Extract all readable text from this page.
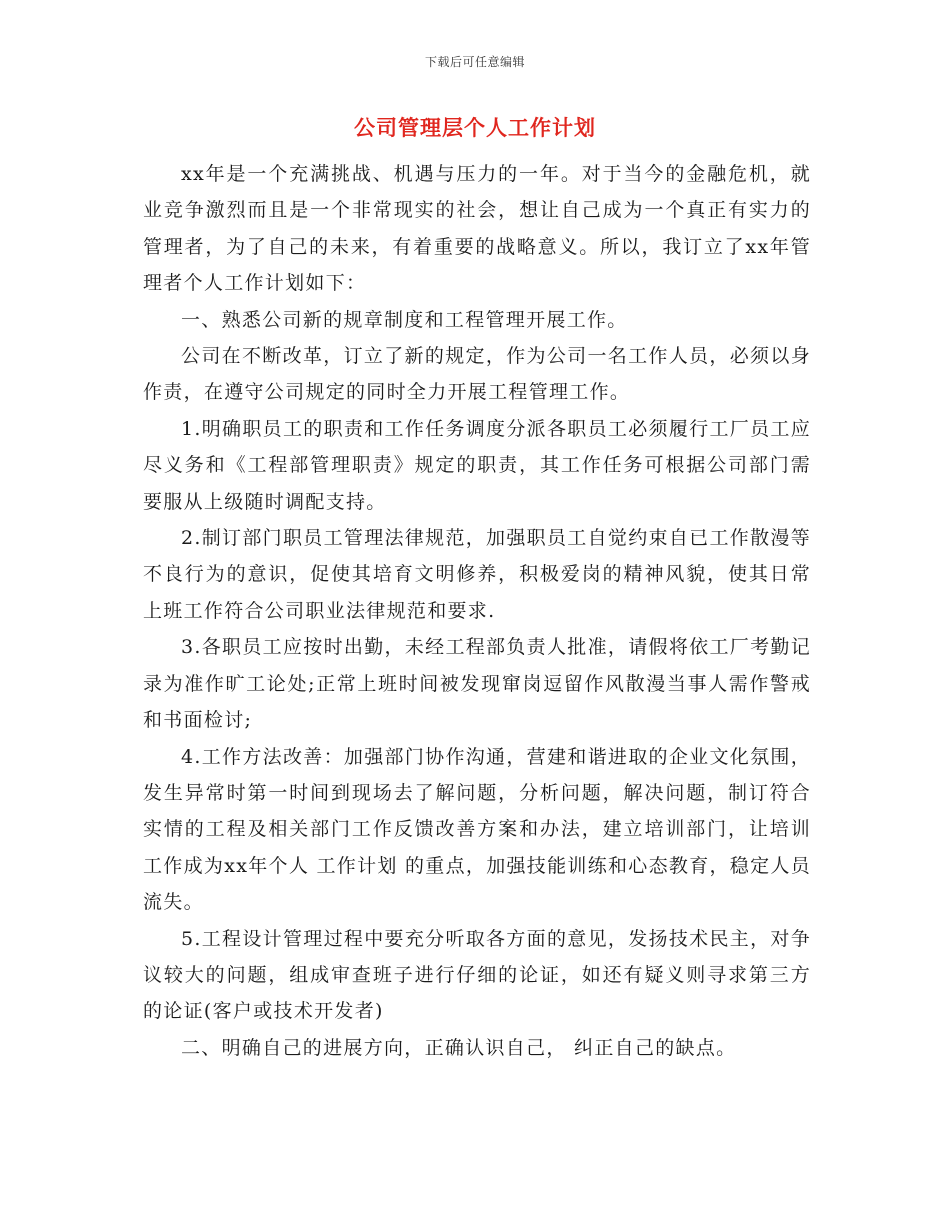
下载后可任意编辑
公司管理层个人工作计划

xx年是一个充满挑战、机遇与压力的一年。对于当今的金融危机，就业竞争激烈而且是一个非常现实的社会，想让自己成为一个真正有实力的管理者，为了自己的未来，有着重要的战略意义。所以，我订立了xx年管理者个人工作计划如下：

一、熟悉公司新的规章制度和工程管理开展工作。

公司在不断改革，订立了新的规定，作为公司一名工作人员，必须以身作责，在遵守公司规定的同时全力开展工程管理工作。

1.明确职员工的职责和工作任务调度分派各职员工必须履行工厂员工应尽义务和《工程部管理职责》规定的职责，其工作任务可根据公司部门需要服从上级随时调配支持。

2.制订部门职员工管理法律规范，加强职员工自觉约束自已工作散漫等不良行为的意识，促使其培育文明修养，积极爱岗的精神风貌，使其日常上班工作符合公司职业法律规范和要求.

3.各职员工应按时出勤，未经工程部负责人批准，请假将依工厂考勤记录为准作旷工论处;正常上班时间被发现窜岗逗留作风散漫当事人需作警戒和书面检讨;

4.工作方法改善：加强部门协作沟通，营建和谐进取的企业文化氛围，发生异常时第一时间到现场去了解问题，分析问题，解决问题，制订符合实情的工程及相关部门工作反馈改善方案和办法，建立培训部门，让培训工作成为xx年个人 工作计划 的重点，加强技能训练和心态教育，稳定人员流失。

5.工程设计管理过程中要充分听取各方面的意见，发扬技术民主，对争议较大的问题，组成审查班子进行仔细的论证，如还有疑义则寻求第三方的论证(客户或技术开发者)

二、明确自己的进展方向，正确认识自己， 纠正自己的缺点。
